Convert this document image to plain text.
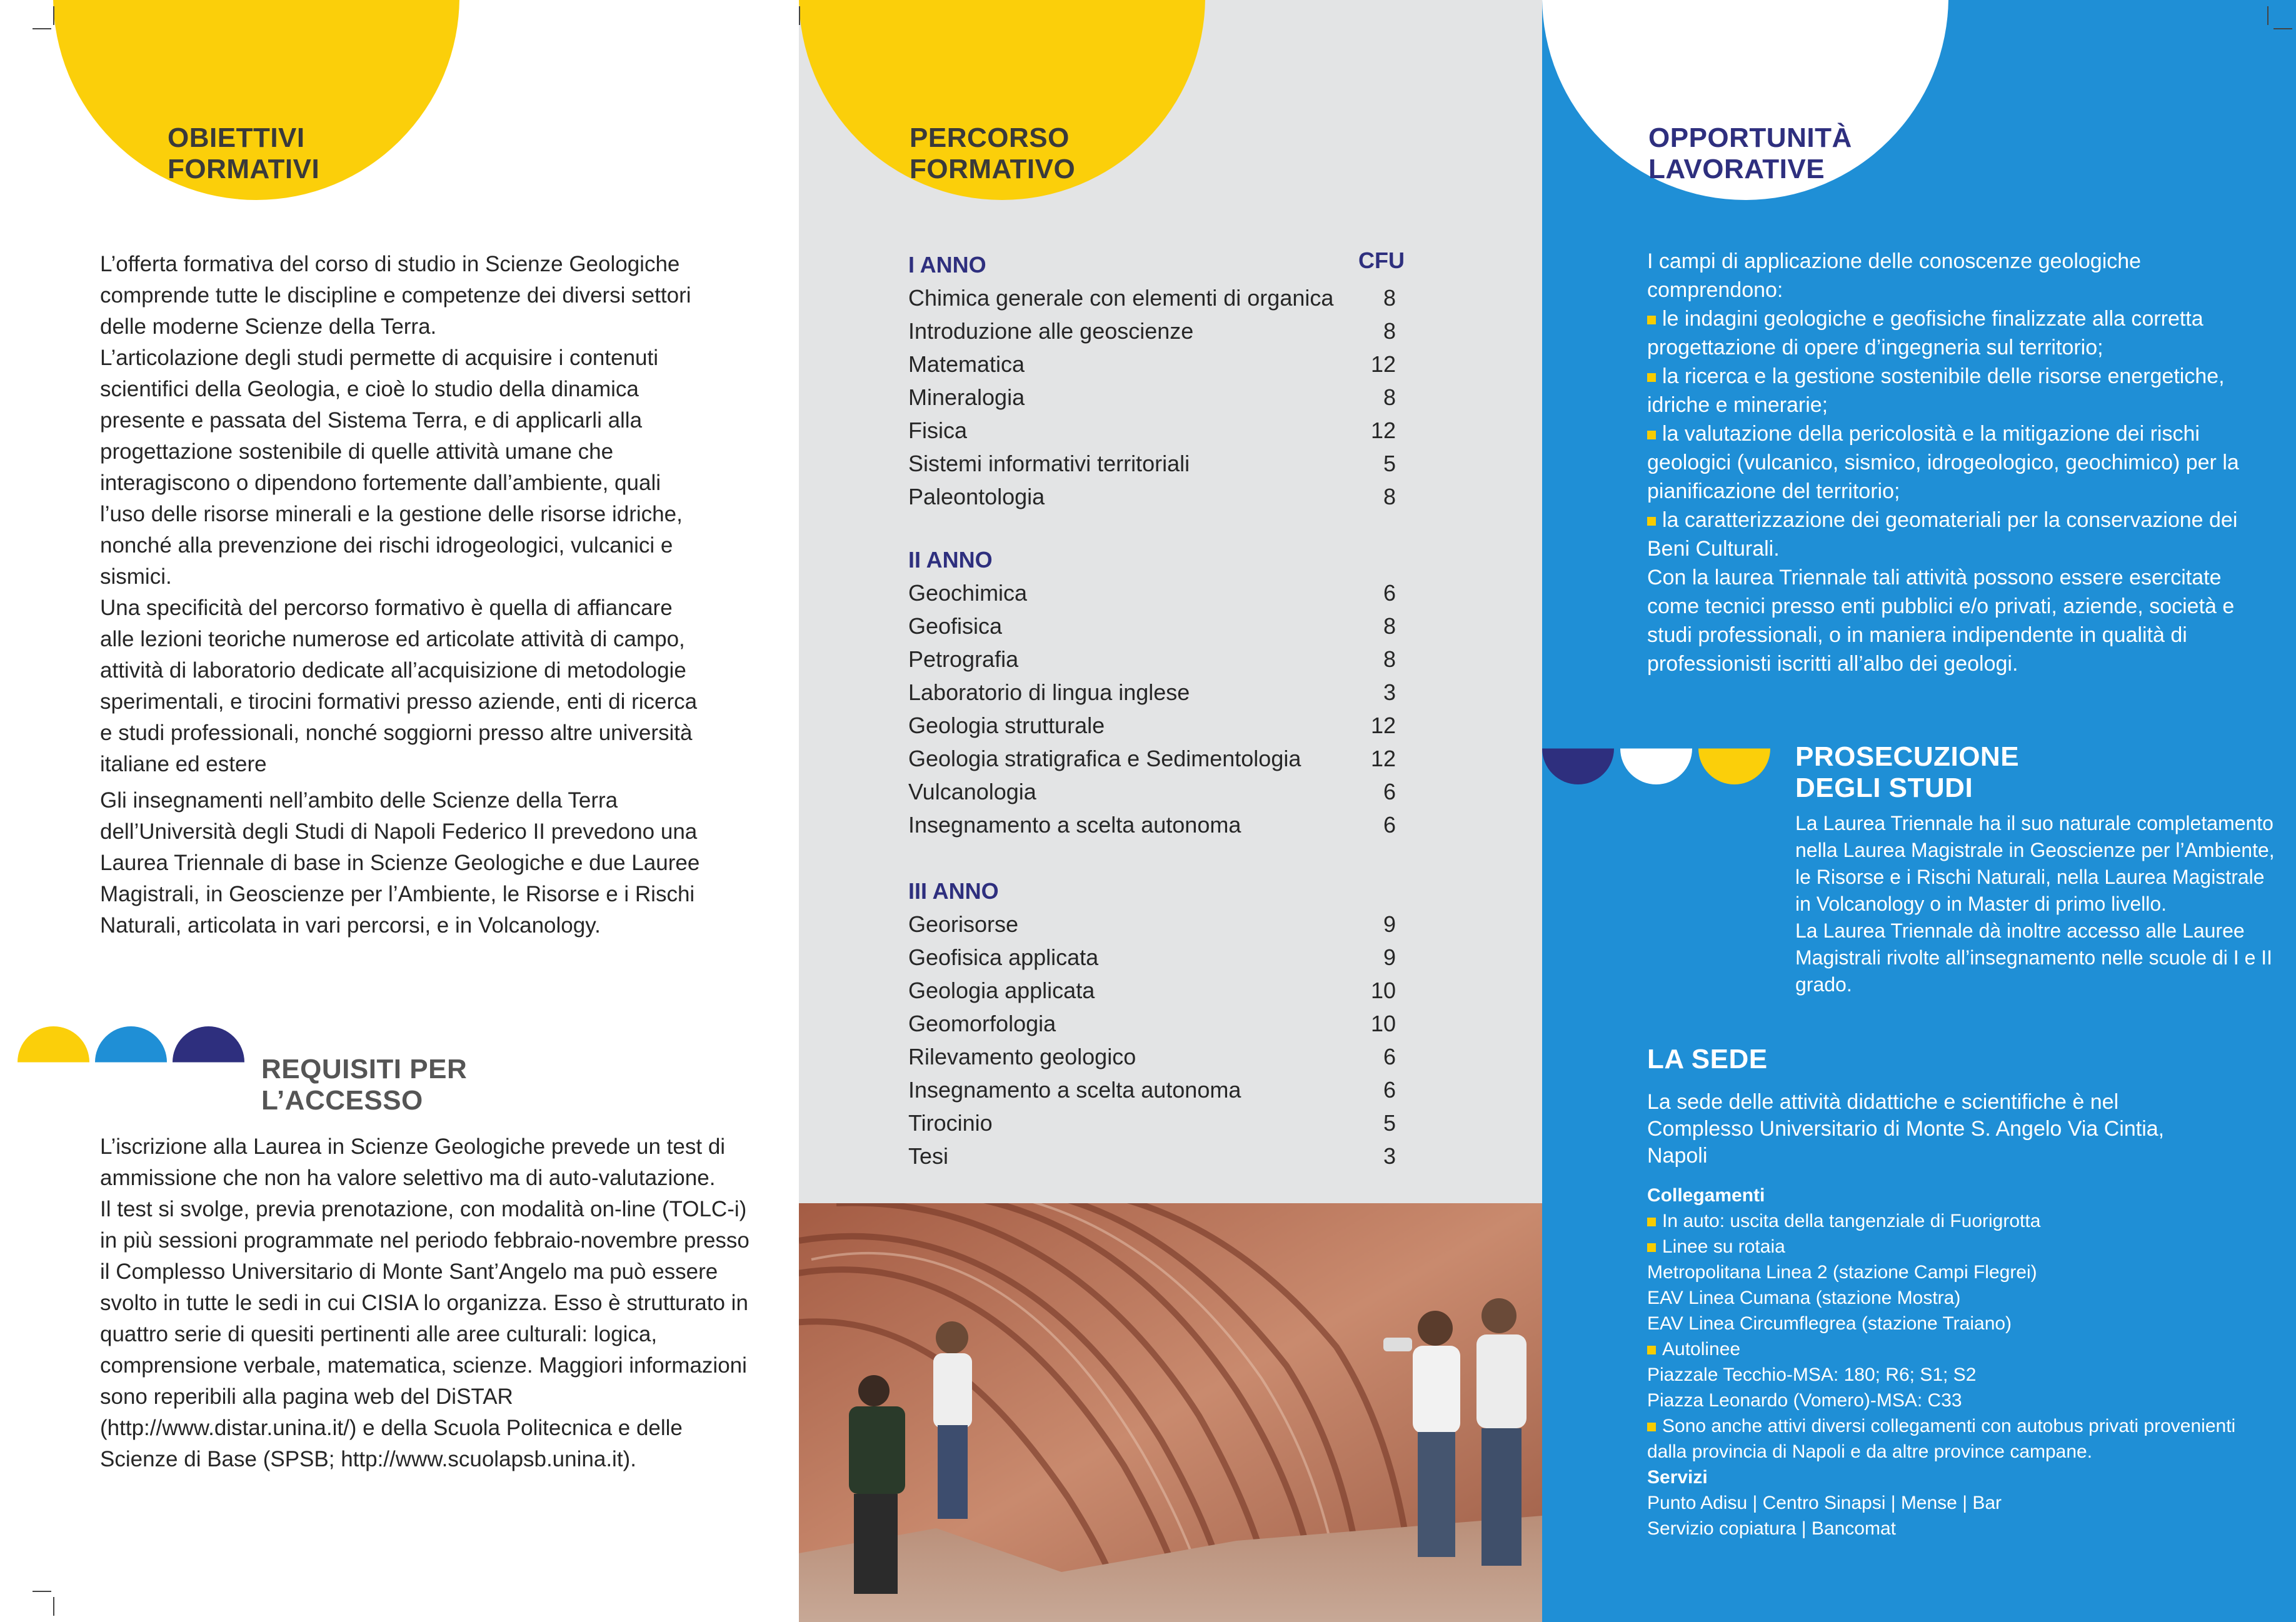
OBIETTIVI
FORMATIVI

L’offerta formativa del corso di studio in Scienze Geologiche comprende tutte le discipline e competenze dei diversi settori delle moderne Scienze della Terra.

L’articolazione degli studi permette di acquisire i contenuti scientifici della Geologia, e cioè lo studio della dinamica presente e passata del Sistema Terra, e di applicarli alla progettazione sostenibile di quelle attività umane che interagiscono o dipendono fortemente dall’ambiente, quali l’uso delle risorse minerali e la gestione delle risorse idriche, nonché alla prevenzione dei rischi idrogeologici, vulcanici e sismici.

Una specificità del percorso formativo è quella di affiancare alle lezioni teoriche numerose ed articolate attività di campo, attività di laboratorio dedicate all’acquisizione di metodologie sperimentali, e tirocini formativi presso aziende, enti di ricerca e studi professionali, nonché soggiorni presso altre università italiane ed estere

Gli insegnamenti nell’ambito delle Scienze della Terra dell’Università degli Studi di Napoli Federico II prevedono una Laurea Triennale di base in Scienze Geologiche e due Lauree Magistrali, in Geoscienze per l’Ambiente, le Risorse e i Rischi Naturali, articolata in vari percorsi, e in Volcanology.

REQUISITI PER
L’ACCESSO

L’iscrizione alla Laurea in Scienze Geologiche prevede un test di ammissione che non ha valore selettivo ma di auto-valutazione.

Il test si svolge, previa prenotazione, con modalità on-line (TOLC-i) in più sessioni programmate nel periodo febbraio-novembre presso il Complesso Universitario di Monte Sant’Angelo ma può essere svolto in tutte le sedi in cui CISIA lo organizza. Esso è strutturato in quattro serie di quesiti pertinenti alle aree culturali: logica, comprensione verbale, matematica, scienze. Maggiori informazioni sono reperibili alla pagina web del DiSTAR (http://www.distar.unina.it/) e della Scuola Politecnica e delle Scienze di Base (SPSB; http://www.scuolapsb.unina.it).

PERCORSO
FORMATIVO
CFU
I ANNO
Chimica generale con elementi di organica	8
Introduzione alle geoscienze	8
Matematica	12
Mineralogia	8
Fisica	12
Sistemi informativi territoriali	5
Paleontologia	8
II ANNO
Geochimica	6
Geofisica	8
Petrografia	8
Laboratorio di lingua inglese	3
Geologia strutturale	12
Geologia stratigrafica e Sedimentologia	12
Vulcanologia	6
Insegnamento a scelta autonoma	6
III ANNO
Georisorse	9
Geofisica applicata	9
Geologia applicata	10
Geomorfologia	10
Rilevamento geologico	6
Insegnamento a scelta autonoma	6
Tirocinio	5
Tesi	3
OPPORTUNITÀ
LAVORATIVE

I campi di applicazione delle conoscenze geologiche comprendono:

le indagini geologiche e geofisiche finalizzate alla corretta progettazione di opere d’ingegneria sul territorio;

la ricerca e la gestione sostenibile delle risorse energetiche, idriche e minerarie;

la valutazione della pericolosità e la mitigazione dei rischi geologici (vulcanico, sismico, idrogeologico, geochimico) per la pianificazione del territorio;

la caratterizzazione dei geomateriali per la conservazione dei Beni Culturali.

Con la laurea Triennale tali attività possono essere esercitate come tecnici presso enti pubblici e/o privati, aziende, società e studi professionali, o in maniera indipendente in qualità di professionisti iscritti all’albo dei geologi.

PROSECUZIONE
DEGLI STUDI

La Laurea Triennale ha il suo naturale completamento nella Laurea Magistrale in Geoscienze per l’Ambiente, le Risorse e i Rischi Naturali, nella Laurea Magistrale in Volcanology o in Master di primo livello.

La Laurea Triennale dà inoltre accesso alle Lauree Magistrali rivolte all’insegnamento nelle scuole di I e II grado.

LA SEDE
La sede delle attività didattiche e scientifiche è nel Complesso Universitario di Monte S. Angelo Via Cintia, Napoli

Collegamenti

In auto: uscita della tangenziale di Fuorigrotta

Linee su rotaia

Metropolitana Linea 2 (stazione Campi Flegrei)

EAV Linea Cumana (stazione Mostra)

EAV Linea Circumflegrea (stazione Traiano)

Autolinee

Piazzale Tecchio-MSA: 180; R6; S1; S2

Piazza Leonardo (Vomero)-MSA: C33

Sono anche attivi diversi collegamenti con autobus privati provenienti dalla provincia di Napoli e da altre province campane.

Servizi

Punto Adisu | Centro Sinapsi | Mense | Bar

Servizio copiatura | Bancomat
